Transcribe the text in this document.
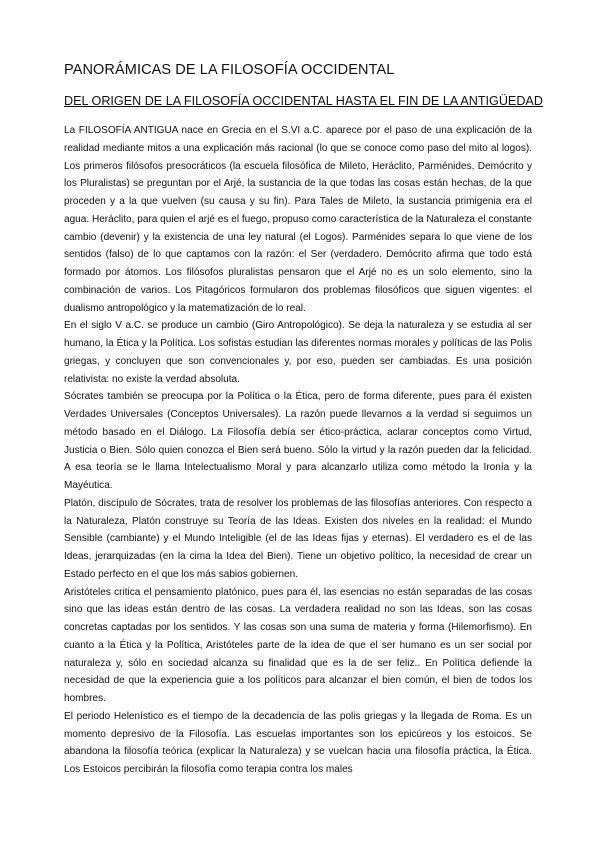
PANORÁMICAS DE LA FILOSOFÍA OCCIDENTAL
DEL ORIGEN DE LA FILOSOFÍA OCCIDENTAL HASTA EL FIN DE LA ANTIGÜEDAD

La FILOSOFÍA ANTIGUA nace en Grecia en el S.VI a.C. aparece por el paso de una explicación de la realidad mediante mitos a una explicación más racional (lo que se conoce como paso del mito al logos). Los primeros filósofos presocráticos (la escuela filosófica de Mileto, Heráclito, Parménides, Demócrito y los Pluralistas) se preguntan por el Arjé, la sustancia de la que todas las cosas están hechas, de la que proceden y a la que vuelven (su causa y su fin). Para Tales de Mileto, la sustancia primigenia era el agua. Heráclito, para quien el arjé es el fuego, propuso como característica de la Naturaleza el constante cambio (devenir) y la existencia de una ley natural (el Logos). Parménides separa lo que viene de los sentidos (falso) de lo que captamos con la razón: el Ser (verdadero. Demócrito afirma que todo está formado por átomos. Los filósofos pluralistas pensaron que el Arjé no es un solo elemento, sino la combinación de varios. Los Pitagóricos formularon dos problemas filosóficos que siguen vigentes: el dualismo antropológico y la matematización de lo real.

En el siglo V a.C. se produce un cambio (Giro Antropológico). Se deja la naturaleza y se estudia al ser humano, la Ética y la Política. Los sofistas estudian las diferentes normas morales y políticas de las Polis griegas, y concluyen que son convencionales y, por eso, pueden ser cambiadas. Es una posición relativista: no existe la verdad absoluta.

Sócrates también se preocupa por la Política o la Ética, pero de forma diferente, pues para él existen Verdades Universales (Conceptos Universales). La razón puede llevarnos a la verdad si seguimos un método basado en el Diálogo. La Filosofía debía ser ético-práctica, aclarar conceptos como Virtud, Justicia o Bien. Sólo quien conozca el Bien será bueno. Sólo la virtud y la razón pueden dar la felicidad. A esa teoría se le llama Intelectualismo Moral y para alcanzarlo utiliza como método la Ironía y la Mayéutica.

Platón, discípulo de Sócrates, trata de resolver los problemas de las filosofías anteriores. Con respecto a la Naturaleza, Platón construye su Teoría de las Ideas. Existen dos niveles en la realidad: el Mundo Sensible (cambiante) y el Mundo Inteligible (el de las Ideas fijas y eternas). El verdadero es el de las Ideas, jerarquizadas (en la cima la Idea del Bien). Tiene un objetivo político, la necesidad de crear un Estado perfecto en el que los más sabios gobiernen.

Aristóteles critica el pensamiento platónico, pues para él, las esencias no están separadas de las cosas sino que las ideas están dentro de las cosas. La verdadera realidad no son las Ideas, son las cosas concretas captadas por los sentidos. Y las cosas son una suma de materia y forma (Hilemorfismo). En cuanto a la Ética y la Política, Aristóteles parte de la idea de que el ser humano es un ser social por naturaleza y, sólo en sociedad alcanza su finalidad que es la de ser feliz.. En Política defiende la necesidad de que la experiencia guie a los políticos para alcanzar el bien común, el bien de todos los hombres.

El periodo Helenístico es el tiempo de la decadencia de las polis griegas y la llegada de Roma. Es un momento depresivo de la Filosofía. Las escuelas importantes son los epicúreos y los estoicos. Se abandona la filosofía teórica (explicar la Naturaleza) y se vuelcan hacia una filosofía práctica, la Ética. Los Estoicos percibirán la filosofía como terapia contra los males
